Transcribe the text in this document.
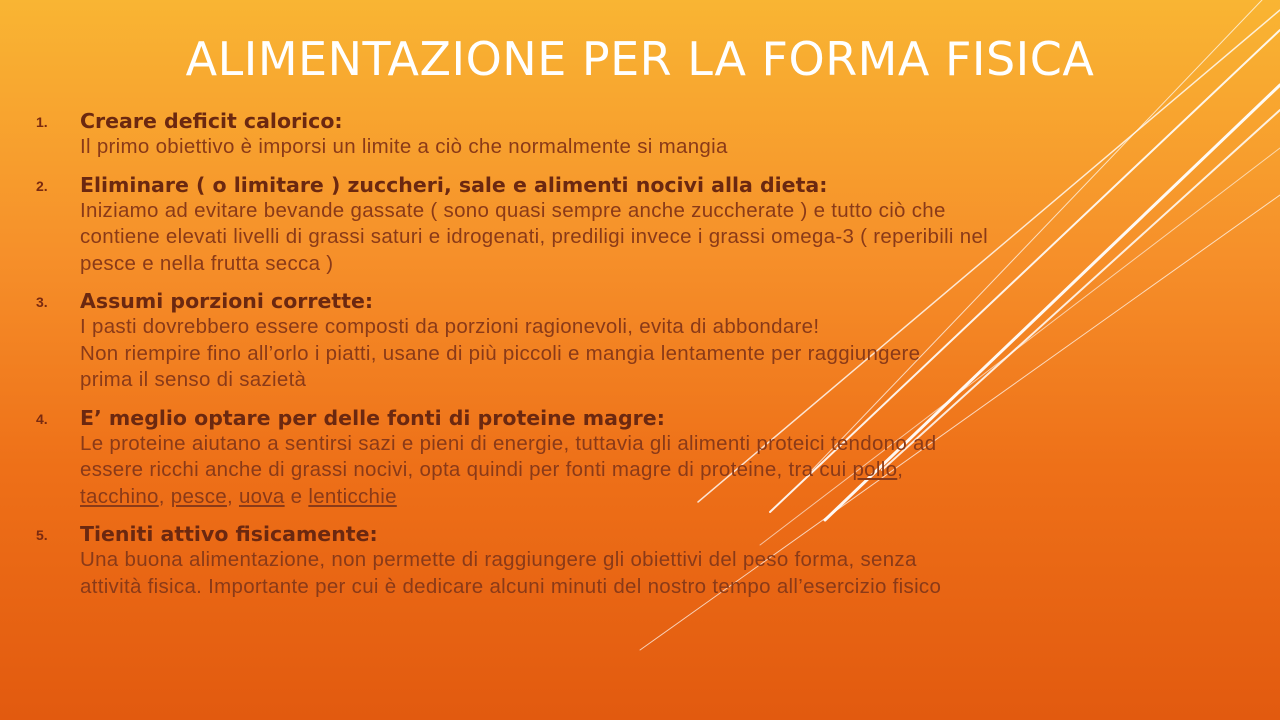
ALIMENTAZIONE PER LA FORMA FISICA
1.	Creare deficit calorico:
Il primo obiettivo è imporsi un limite a ciò che normalmente si mangia
2.	Eliminare ( o limitare ) zuccheri, sale e alimenti nocivi alla dieta:
Iniziamo ad evitare bevande gassate ( sono quasi sempre anche zuccherate ) e tutto ciò che
contiene elevati livelli di grassi saturi e idrogenati, prediligi invece i grassi omega-3 ( reperibili nel
pesce e nella frutta secca )
3.	Assumi porzioni corrette:
I pasti dovrebbero essere composti da porzioni ragionevoli, evita di abbondare!
Non riempire fino all’orlo i piatti, usane di più piccoli e mangia lentamente per raggiungere
prima il senso di sazietà
4.	E’ meglio optare per delle fonti di proteine magre:
Le proteine aiutano a sentirsi sazi e pieni di energie, tuttavia gli alimenti proteici tendono ad
essere ricchi anche di grassi nocivi, opta quindi per fonti magre di proteine, tra cui pollo,
tacchino, pesce, uova e lenticchie
5.	Tieniti attivo fisicamente:
Una buona alimentazione, non permette di raggiungere gli obiettivi del peso forma, senza
attività fisica. Importante per cui è dedicare alcuni minuti del nostro tempo all’esercizio fisico
